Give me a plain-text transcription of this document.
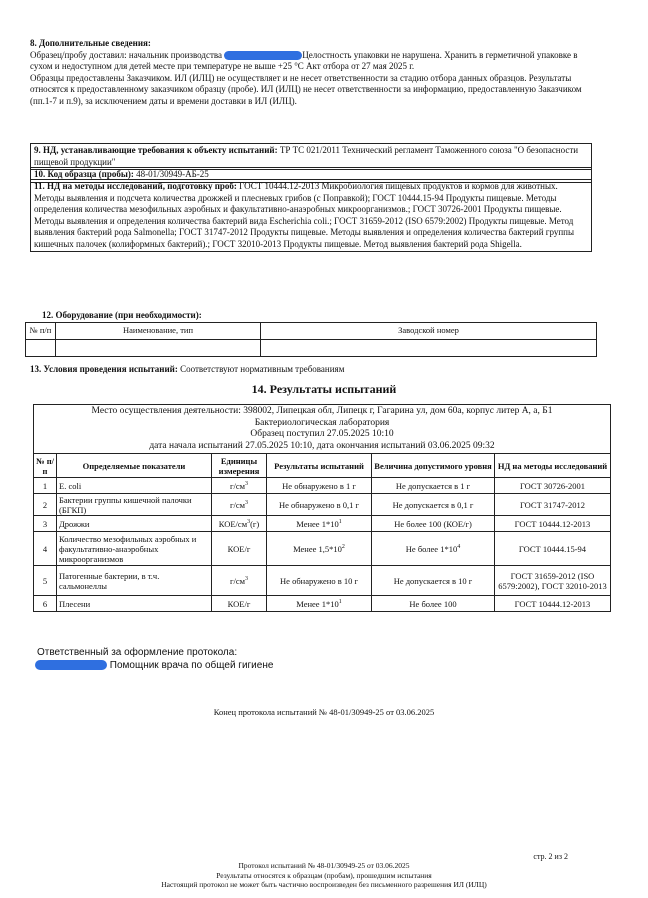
8. Дополнительные сведения:
Образец/пробу доставил: начальник производства	Целостность упаковки не нарушена. Хранить в герметичной упаковке в сухом и недоступном для детей месте при температуре не выше +25 °С Акт отбора от 27 мая 2025 г.
Образцы предоставлены Заказчиком. ИЛ (ИЛЦ) не осуществляет и не несет ответственности за стадию отбора данных образцов. Результаты относятся к предоставленному заказчиком образцу (пробе). ИЛ (ИЛЦ) не несет ответственности за информацию, предоставленную Заказчиком (пп.1-7 и п.9), за исключением даты и времени доставки в ИЛ (ИЛЦ).
9. НД, устанавливающие требования к объекту испытаний: ТР ТС 021/2011 Технический регламент Таможенного союза "О безопасности пищевой продукции"
10. Код образца (пробы): 48-01/30949-АБ-25
11. НД на методы исследований, подготовку проб: ГОСТ 10444.12-2013 Микробиология пищевых продуктов и кормов для животных. Методы выявления и подсчета количества дрожжей и плесневых грибов (с Поправкой); ГОСТ 10444.15-94 Продукты пищевые. Методы определения количества мезофильных аэробных и факультативно-анаэробных микроорганизмов.; ГОСТ 30726-2001 Продукты пищевые. Методы выявления и определения количества бактерий вида Escherichia coli.; ГОСТ 31659-2012 (ISO 6579:2002) Продукты пищевые. Метод выявления бактерий рода Salmonella; ГОСТ 31747-2012 Продукты пищевые. Методы выявления и определения количества бактерий группы кишечных палочек (колиформных бактерий).; ГОСТ 32010-2013 Продукты пищевые. Метод выявления бактерий рода Shigella.
12. Оборудование (при необходимости):
№ п/п	Наименование, тип	Заводской номер

13. Условия проведения испытаний: Соответствуют нормативным требованиям
14. Результаты испытаний
Место осуществления деятельности: 398002, Липецкая обл, Липецк г, Гагарина ул, дом 60а, корпус литер А, а, Б1
Бактериологическая лаборатория
Образец поступил 27.05.2025 10:10
дата начала испытаний 27.05.2025 10:10, дата окончания испытаний 03.06.2025 09:32
№ п/п	Определяемые показатели	Единицы измерения	Результаты испытаний	Величина допустимого уровня	НД на методы исследований
1	E. coli	$г/см^3$	Не обнаружено в 1 г	Не допускается в 1 г	ГОСТ 30726-2001
2	Бактерии группы кишечной палочки (БГКП)	$г/см^3$	Не обнаружено в 0,1 г	Не допускается в 0,1 г	ГОСТ 31747-2012
3	Дрожжи	КОЕ/$см^3(г)$	Менее $1*10^1$	Не более 100 (КОЕ/г)	ГОСТ 10444.12-2013
4	Количество мезофильных аэробных и факультативно-анаэробных микроорганизмов	КОЕ/г	Менее $1,5*10^2$	Не более $1*10^4$	ГОСТ 10444.15-94
5	Патогенные бактерии, в т.ч. сальмонеллы	$г/см^3$	Не обнаружено в 10 г	Не допускается в 10 г	ГОСТ 31659-2012 (ISO 6579:2002), ГОСТ 32010-2013
6	Плесени	КОЕ/г	Менее $1*10^1$	Не более 100	ГОСТ 10444.12-2013
Ответственный за оформление протокола:
Помощник врача по общей гигиене
Конец протокола испытаний № 48-01/30949-25 от 03.06.2025
стр. 2 из 2
Протокол испытаний № 48-01/30949-25 от 03.06.2025
Результаты относятся к образцам (пробам), прошедшим испытания
Настоящий протокол не может быть частично воспроизведен без письменного разрешения ИЛ (ИЛЦ)
